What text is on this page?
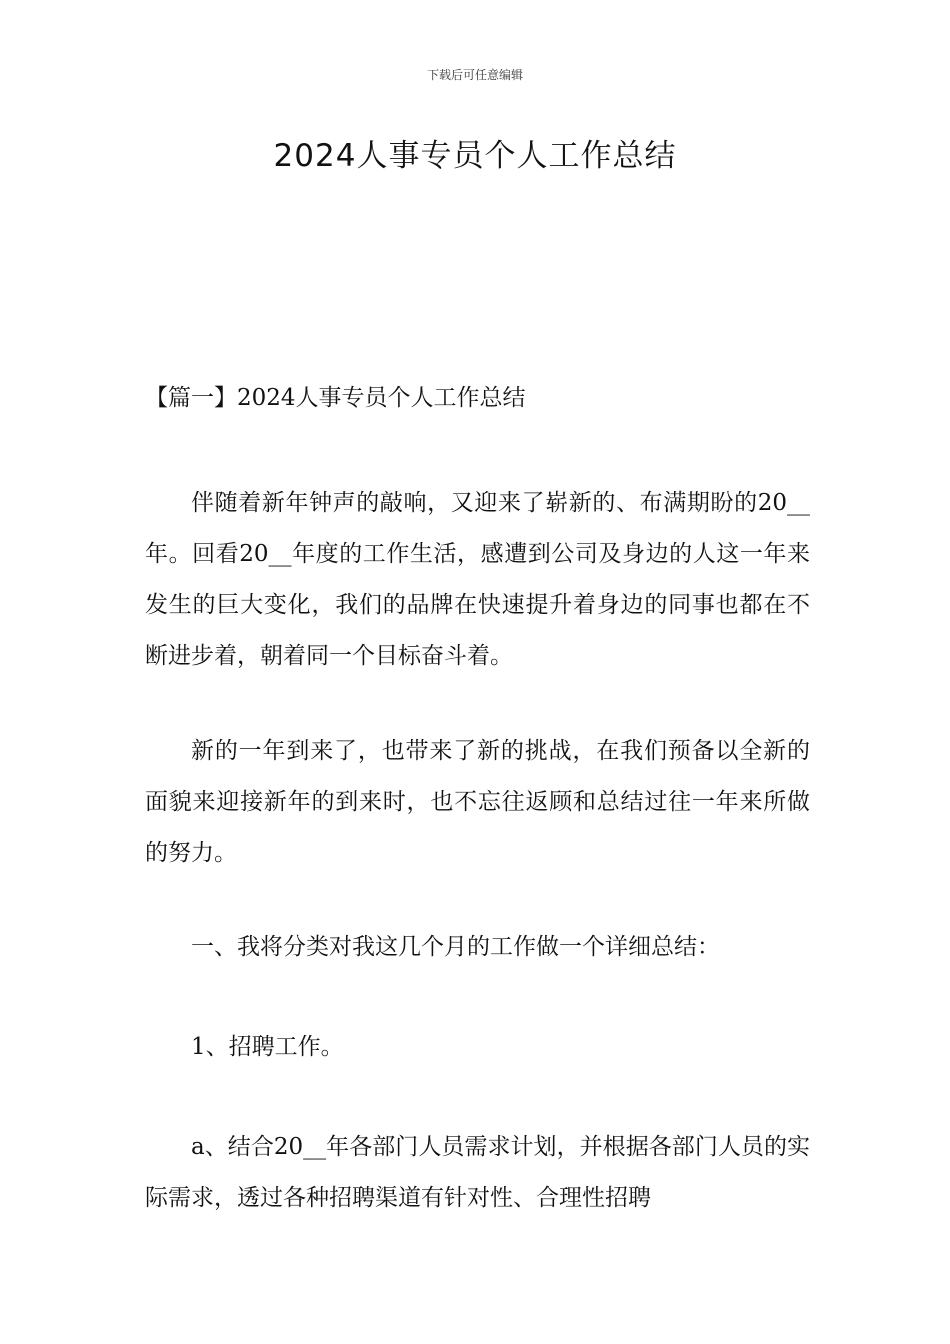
下载后可任意编辑
2024人事专员个人工作总结
【篇一】2024人事专员个人工作总结

伴随着新年钟声的敲响，又迎来了崭新的、布满期盼的20__年。回看20__年度的工作生活，感遭到公司及身边的人这一年来发生的巨大变化，我们的品牌在快速提升着身边的同事也都在不断进步着，朝着同一个目标奋斗着。

新的一年到来了，也带来了新的挑战，在我们预备以全新的面貌来迎接新年的到来时，也不忘往返顾和总结过往一年来所做的努力。

一、我将分类对我这几个月的工作做一个详细总结：

1、招聘工作。

a、结合20__年各部门人员需求计划，并根据各部门人员的实际需求，透过各种招聘渠道有针对性、合理性招聘
